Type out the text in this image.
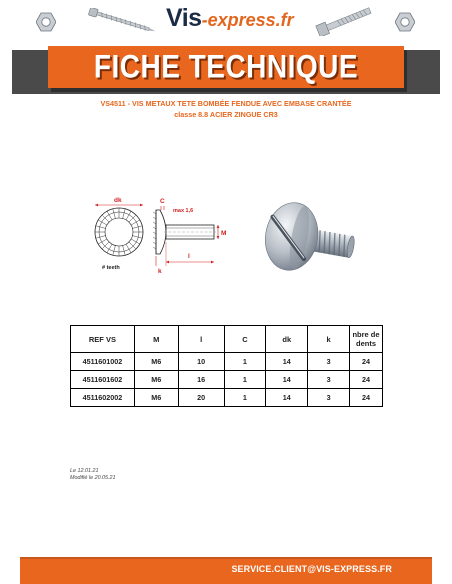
Vis-express.fr
FICHE TECHNIQUE
VS4511 - VIS METAUX TETE BOMBÉE FENDUE AVEC EMBASE CRANTÉE
classe 8.8 ACIER ZINGUE CR3
dk
# teeth
C
max 1,6
M
k
l
REF VS	M	l	C	dk	k	nbre de dents
4511601002	M6	10	1	14	3	24
4511601602	M6	16	1	14	3	24
4511602002	M6	20	1	14	3	24
Le 12.01.21
Modifié le 20.05.21
SERVICE.CLIENT@VIS-EXPRESS.FR
